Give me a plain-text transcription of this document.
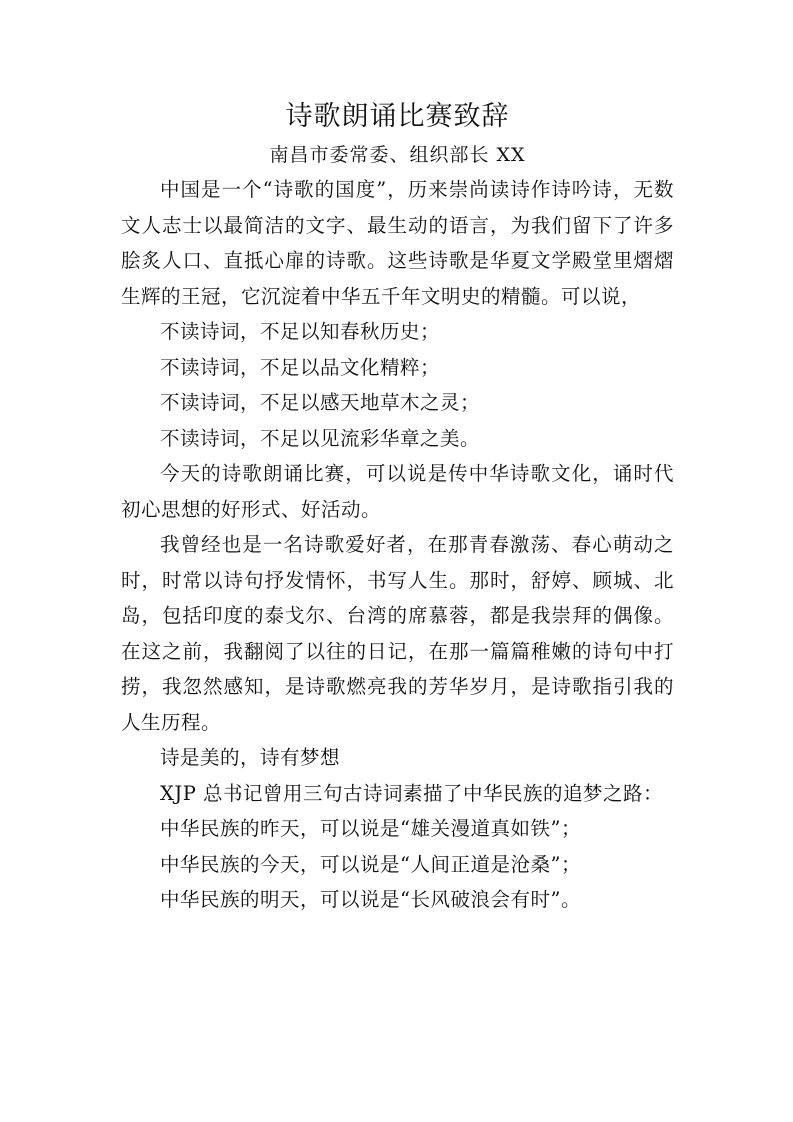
诗歌朗诵比赛致辞

南昌市委常委、组织部长 XX

中国是一个“诗歌的国度”，历来崇尚读诗作诗吟诗，无数文人志士以最简洁的文字、最生动的语言，为我们留下了许多脍炙人口、直抵心扉的诗歌。这些诗歌是华夏文学殿堂里熠熠生辉的王冠，它沉淀着中华五千年文明史的精髓。可以说，

不读诗词，不足以知春秋历史；

不读诗词，不足以品文化精粹；

不读诗词，不足以感天地草木之灵；

不读诗词，不足以见流彩华章之美。

今天的诗歌朗诵比赛，可以说是传中华诗歌文化，诵时代初心思想的好形式、好活动。

我曾经也是一名诗歌爱好者，在那青春激荡、春心萌动之时，时常以诗句抒发情怀，书写人生。那时，舒婷、顾城、北岛，包括印度的泰戈尔、台湾的席慕蓉，都是我崇拜的偶像。在这之前，我翻阅了以往的日记，在那一篇篇稚嫩的诗句中打捞，我忽然感知，是诗歌燃亮我的芳华岁月，是诗歌指引我的人生历程。

诗是美的，诗有梦想

XJP 总书记曾用三句古诗词素描了中华民族的追梦之路：

中华民族的昨天，可以说是“雄关漫道真如铁”；

中华民族的今天，可以说是“人间正道是沧桑”；

中华民族的明天，可以说是“长风破浪会有时”。
